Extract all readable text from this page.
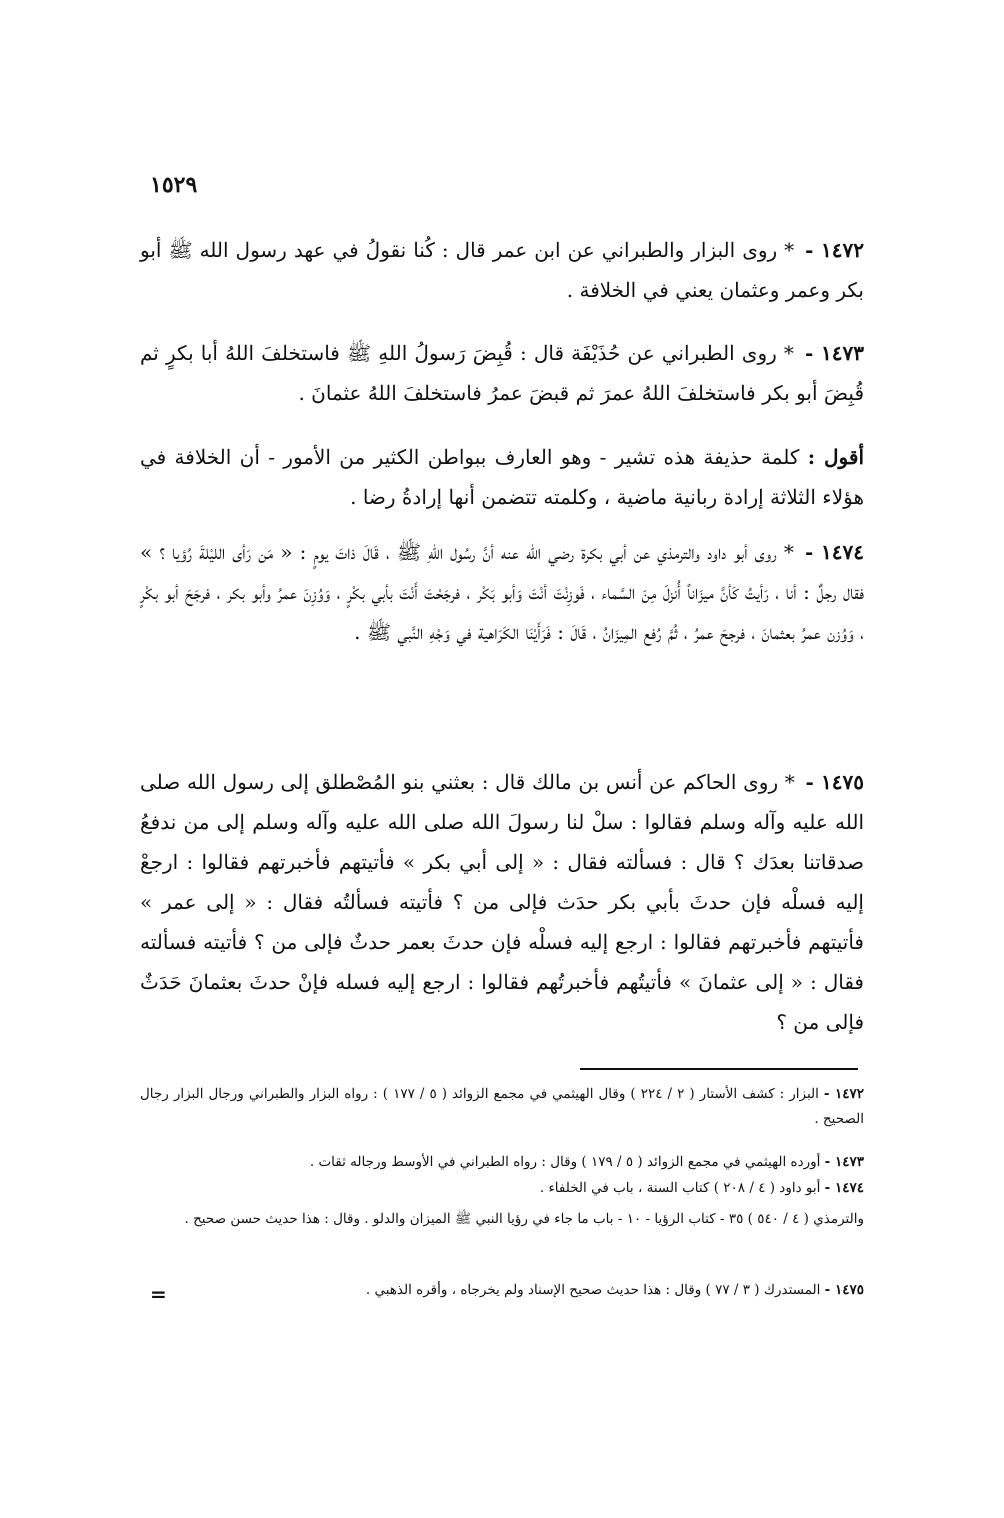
١٥٢٩
١٤٧٢ - * روى البزار والطبراني عن ابن عمر قال : كُنا نقولُ في عهد رسول الله ﷺ أبو بكر وعمر وعثمان يعني في الخلافة .
١٤٧٣ - * روى الطبراني عن حُذَيْفَة قال : قُبِضَ رَسولُ اللهِ ﷺ فاستخلفَ اللهُ أبا بكرٍ ثم قُبِضَ أبو بكر فاستخلفَ اللهُ عمرَ ثم قبضَ عمرُ فاستخلفَ اللهُ عثمانَ .
أقول : كلمة حذيفة هذه تشير - وهو العارف ببواطن الكثير من الأمور - أن الخلافة في هؤلاء الثلاثة إرادة ربانية ماضية ، وكلمته تتضمن أنها إرادةُ رضا .
١٤٧٤ - * روى أبو داود والترمذي عن أبي بكرة رضي الله عنه أنَّ رسُول اللهِ ﷺ ، قَالَ ذاتَ يومٍ : « مَن رَأى الليْلةَ رُؤيا ؟ » فقال رجلٌ : أنا ، رَأيتُ كَأنَّ ميزَاناً أُنزلَ مِنَ السَّماء ، فَوزِنْتَ أنْتَ وَأبو بَكْر ، فرجَحْتَ أَنْتَ بأبي بكْرٍ ، وَوُزِنَ عمرُ وأبو بكر ، فرجَحَ أبو بكْرٍ ، وَوُزن عمرُ بعثمانَ ، فرجحَ عمرُ ، ثُمَّ رُفع المِيزَانُ ، قَالَ : فَرَأَيْنَا الكَرَاهية في وَجْهِ النَّبي ﷺ .
١٤٧٥ - * روى الحاكم عن أنس بن مالك قال : بعثني بنو المُصْطلق إلى رسول الله صلى الله عليه وآله وسلم فقالوا : سلْ لنا رسولَ الله صلى الله عليه وآله وسلم إلى من ندفعُ صدقاتنا بعدَك ؟ قال : فسألته فقال : « إلى أبي بكر » فأتيتهم فأخبرتهم فقالوا : ارجعْ إليه فسلْه فإن حدثَ بأبي بكر حدَث فإلى من ؟ فأتيته فسألتُه فقال : « إلى عمر » فأتيتهم فأخبرتهم فقالوا : ارجع إليه فسلْه فإن حدثَ بعمر حدثٌ فإلى من ؟ فأتيته فسألته فقال : « إلى عثمانَ » فأتيتُهم فأخبرتُهم فقالوا : ارجع إليه فسله فإنْ حدثَ بعثمانَ حَدَثٌ فإلى من ؟
١٤٧٢ - البزار : كشف الأستار ( ٢ / ٢٢٤ ) وقال الهيثمي في مجمع الزوائد ( ٥ / ١٧٧ ) : رواه البزار والطبراني ورجال البزار رجال الصحيح .
١٤٧٣ - أورده الهيثمي في مجمع الزوائد ( ٥ / ١٧٩ ) وقال : رواه الطبراني في الأوسط ورجاله ثقات .
١٤٧٤ - أبو داود ( ٤ / ٢٠٨ ) كتاب السنة ، باب في الخلفاء .
والترمذي ( ٤ / ٥٤٠ ) ٣٥ - كتاب الرؤيا - ١٠ - باب ما جاء في رؤيا النبي ﷺ الميزان والدلو . وقال : هذا حديث حسن صحيح .
١٤٧٥ - المستدرك ( ٣ / ٧٧ ) وقال : هذا حديث صحيح الإسناد ولم يخرجاه ، وأقره الذهبي .
=
